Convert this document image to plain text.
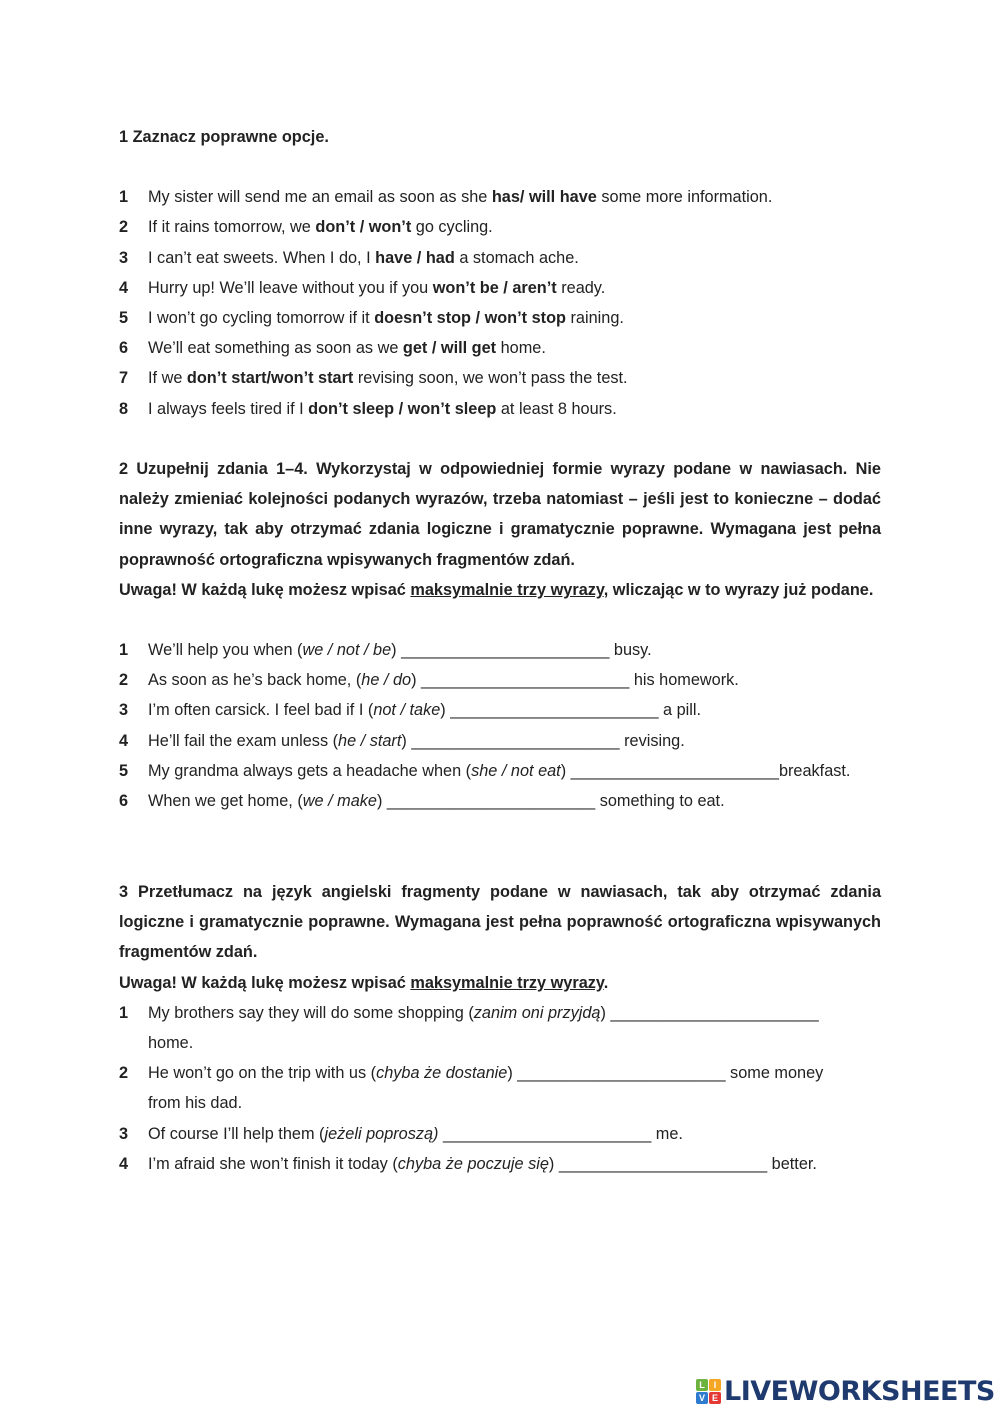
1 Zaznacz poprawne opcje.
1 My sister will send me an email as soon as she has/ will have some more information.
2 If it rains tomorrow, we don’t / won’t go cycling.
3 I can’t eat sweets. When I do, I have / had a stomach ache.
4 Hurry up! We’ll leave without you if you won’t be / aren’t ready.
5 I won’t go cycling tomorrow if it doesn’t stop / won’t stop raining.
6 We’ll eat something as soon as we get / will get home.
7 If we don’t start/won’t start revising soon, we won’t pass the test.
8 I always feels tired if I don’t sleep / won’t sleep at least 8 hours.
2 Uzupełnij zdania 1–4. Wykorzystaj w odpowiedniej formie wyrazy podane w nawiasach. Nie należy zmieniać kolejności podanych wyrazów, trzeba natomiast – jeśli jest to konieczne – dodać inne wyrazy, tak aby otrzymać zdania logiczne i gramatycznie poprawne. Wymagana jest pełna poprawność ortograficzna wpisywanych fragmentów zdań.
Uwaga! W każdą lukę możesz wpisać maksymalnie trzy wyrazy, wliczając w to wyrazy już podane.
1 We’ll help you when (we / not / be) _______________________ busy.
2 As soon as he’s back home, (he / do) _______________________ his homework.
3 I’m often carsick. I feel bad if I (not / take) _______________________ a pill.
4 He’ll fail the exam unless (he / start) _______________________ revising.
5 My grandma always gets a headache when (she / not eat) _______________________breakfast.
6 When we get home, (we / make) _______________________ something to eat.
3 Przetłumacz na język angielski fragmenty podane w nawiasach, tak aby otrzymać zdania logiczne i gramatycznie poprawne. Wymagana jest pełna poprawność ortograficzna wpisywanych fragmentów zdań.
Uwaga! W każdą lukę możesz wpisać maksymalnie trzy wyrazy.
1 My brothers say they will do some shopping (zanim oni przyjdą) _______________________
home.
2 He won’t go on the trip with us (chyba że dostanie) _______________________ some money
from his dad.
3 Of course I’ll help them (jeżeli poproszą) _______________________ me.
4 I’m afraid she won’t finish it today (chyba że poczuje się) _______________________ better.
L I
V E LIVEWORKSHEETS
